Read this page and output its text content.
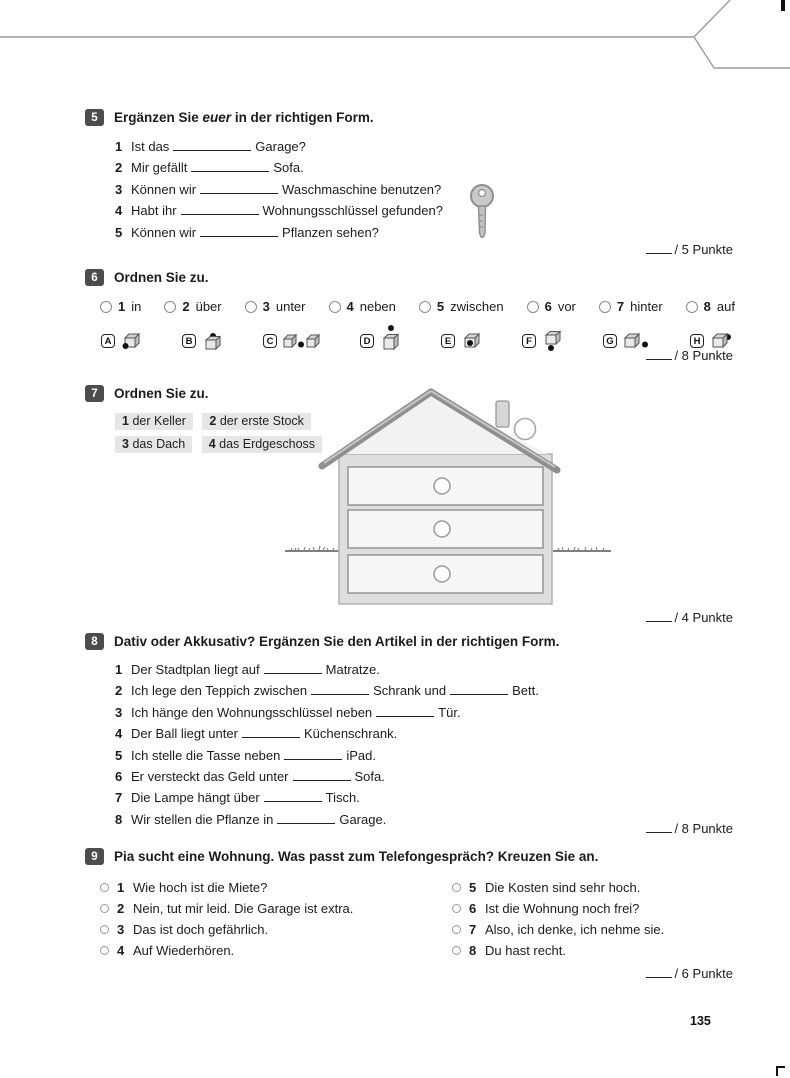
5	Ergänzen Sie euer in der richtigen Form.
1 Ist das	Garage?
2 Mir gefällt	Sofa.
3 Können wir	Waschmaschine benutzen?
4 Habt ihr	Wohnungsschlüssel gefunden?
5 Können wir	Pflanzen sehen?
/ 5 Punkte
6	Ordnen Sie zu.
1 in	2 über	3 unter	4 neben	5 zwischen	6 vor	7 hinter	8 auf
A	B	C	D	E	F	G	H
/ 8 Punkte
7	Ordnen Sie zu.
1 der Keller 2 der erste Stock
3 das Dach 4 das Erdgeschoss
/ 4 Punkte
8	Dativ oder Akkusativ? Ergänzen Sie den Artikel in der richtigen Form.
1 Der Stadtplan liegt auf	Matratze.
2 Ich lege den Teppich zwischen	Schrank und	Bett.
3 Ich hänge den Wohnungsschlüssel neben	Tür.
4 Der Ball liegt unter	Küchenschrank.
5 Ich stelle die Tasse neben	iPad.
6 Er versteckt das Geld unter	Sofa.
7 Die Lampe hängt über	Tisch.
8 Wir stellen die Pflanze in	Garage.
/ 8 Punkte
9	Pia sucht eine Wohnung. Was passt zum Telefongespräch? Kreuzen Sie an.
1 Wie hoch ist die Miete?
2 Nein, tut mir leid. Die Garage ist extra.
3 Das ist doch gefährlich.
4 Auf Wiederhören.
5 Die Kosten sind sehr hoch.
6 Ist die Wohnung noch frei?
7 Also, ich denke, ich nehme sie.
8 Du hast recht.
/ 6 Punkte
135
